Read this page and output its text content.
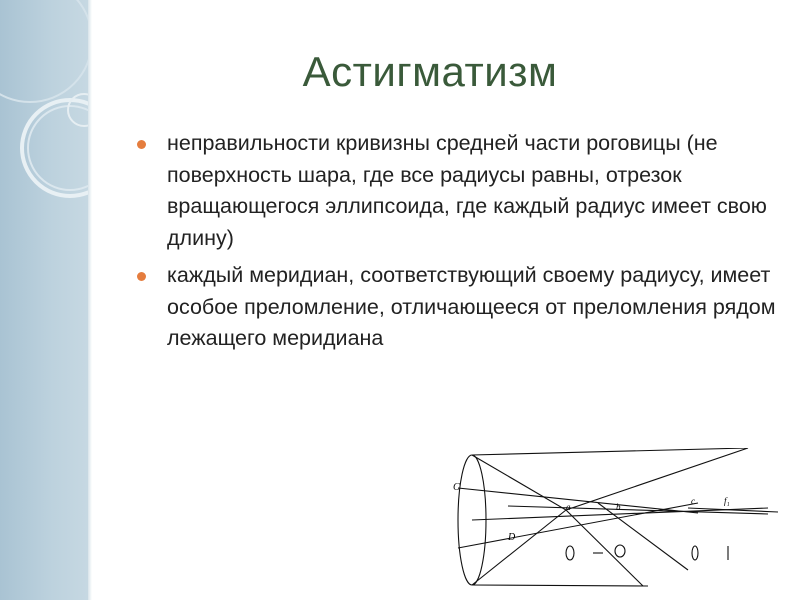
Астигматизм
неправильности кривизны средней части роговицы (не поверхность шара, где все радиусы равны, отрезок вращающегося эллипсоида, где каждый радиус имеет свою длину)
каждый меридиан, соответствующий своему радиусу, имеет особое преломление, отличающееся от преломления рядом лежащего меридиана
C
D
a	b
c	f₁
